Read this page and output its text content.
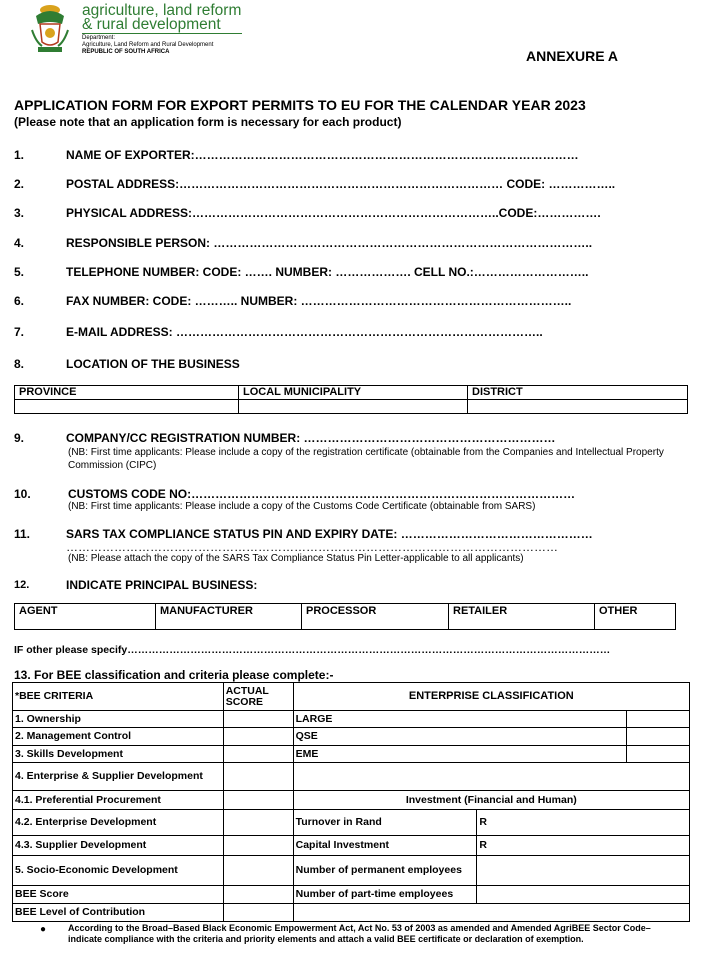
agriculture, land reform
& rural development
Department:
Agriculture, Land Reform and Rural Development
REPUBLIC OF SOUTH AFRICA	ANNEXURE A
APPLICATION FORM FOR EXPORT PERMITS TO EU FOR THE CALENDAR YEAR 2023
(Please note that an application form is necessary for each product)
1.	NAME OF EXPORTER:……………………………………………………………………………………
2.	POSTAL ADDRESS:……………………………………………………………………… CODE: ……………..
3.	PHYSICAL ADDRESS:…………………………………………………………………..CODE:…………….
4.	RESPONSIBLE PERSON: …………………………………………………………………………………..
5.	TELEPHONE NUMBER: CODE: ……. NUMBER: ………………. CELL NO.:………………………..
6.	FAX NUMBER: CODE: ……….. NUMBER: …………………………………………………………..
7.	E-MAIL ADDRESS: ………………………………………………………………………………..
8.	LOCATION OF THE BUSINESS
PROVINCE	LOCAL MUNICIPALITY	DISTRICT

9.	COMPANY/CC REGISTRATION NUMBER: ………………………………………………………
(NB: First time applicants: Please include a copy of the registration certificate (obtainable from the Companies and Intellectual Property Commission (CIPC)
10.	CUSTOMS CODE NO:……………………………………………………………………………………
(NB: First time applicants: Please include a copy of the Customs Code Certificate (obtainable from SARS)
11.	SARS TAX COMPLIANCE STATUS PIN AND EXPIRY DATE: …………………………………………
……………………………………………………………………………………………………………
(NB: Please attach the copy of the SARS Tax Compliance Status Pin Letter-applicable to all applicants)
12.	INDICATE PRINCIPAL BUSINESS:
AGENT	MANUFACTURER	PROCESSOR	RETAILER	OTHER
IF other please specify…………………………………………………………………………………………………………………………
13. For BEE classification and criteria please complete:-
*BEE CRITERIA	ACTUAL SCORE	ENTERPRISE CLASSIFICATION		
1. Ownership		LARGE		
2. Management Control		QSE		
3. Skills Development		EME		
4. Enterprise & Supplier Development				
4.1. Preferential Procurement		Investment (Financial and Human)		
4.2. Enterprise Development		Turnover in Rand	R	
4.3. Supplier Development		Capital Investment	R	
5. Socio-Economic Development		Number of permanent employees		
BEE Score		Number of part-time employees		
BEE Level of Contribution				
● According to the Broad–Based Black Economic Empowerment Act, Act No. 53 of 2003 as amended and Amended AgriBEE Sector Code– indicate compliance with the criteria and priority elements and attach a valid BEE certificate or declaration of exemption.
